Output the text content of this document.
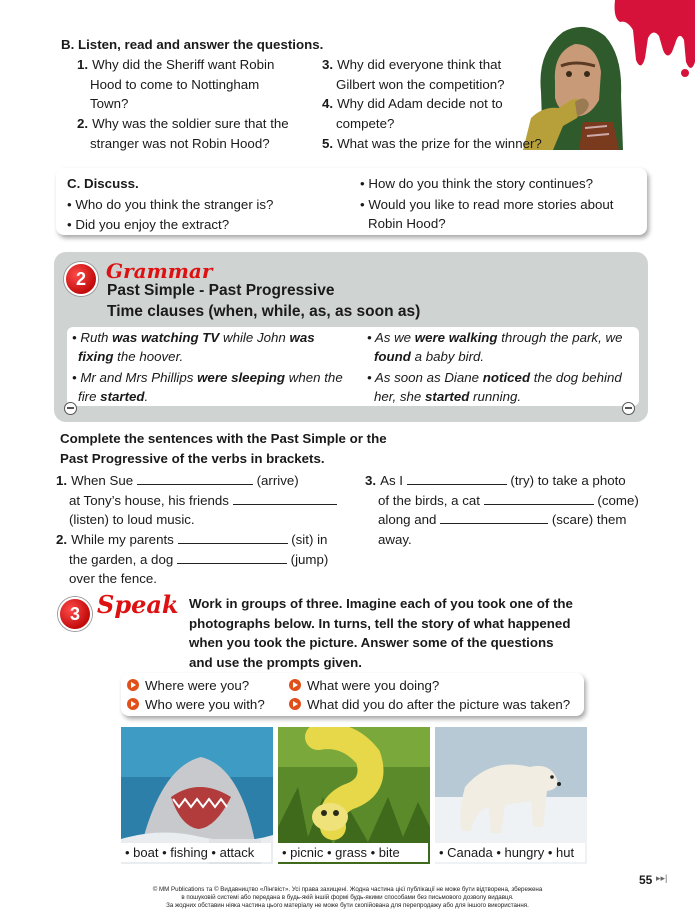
B. Listen, read and answer the questions.
1. Why did the Sheriff want Robin
Hood to come to Nottingham
Town?
2. Why was the soldier sure that the
stranger was not Robin Hood?
3. Why did everyone think that
Gilbert won the competition?
4. Why did Adam decide not to
compete?
5. What was the prize for the winner?
C. Discuss.
• Who do you think the stranger is?
• Did you enjoy the extract?
• How do you think the story continues?
• Would you like to read more stories about
Robin Hood?
2	Grammar
Past Simple - Past Progressive
Time clauses (when, while, as, as soon as)
• Ruth was watching TV while John was
fixing the hoover.
• Mr and Mrs Phillips were sleeping when the
fire started.
• As we were walking through the park, we
found a baby bird.
• As soon as Diane noticed the dog behind
her, she started running.
Complete the sentences with the Past Simple or the
Past Progressive of the verbs in brackets.
1. When Sue	(arrive)
at Tony’s house, his friends
(listen) to loud music.
2. While my parents	(sit) in
the garden, a dog	(jump)
over the fence.
3. As I	(try) to take a photo
of the birds, a cat	(come)
along and	(scare) them
away.
3 Speak Work in groups of three. Imagine each of you took one of the
photographs below. In turns, tell the story of what happened
when you took the picture. Answer some of the questions
and use the prompts given.
Where were you?	What were you doing?
Who were you with?	What did you do after the picture was taken?
• boat • fishing • attack	• picnic • grass • bite	• Canada • hungry • hut
55 ▸▸|
© MM Publications та © Видавництво «Лінгвіст». Усі права захищені. Жодна частина цієї публікації не може бути відтворена, збережена
в пошуковій системі або передана в будь-якій іншій формі будь-якими способами без письмового дозволу видавця.
За жодних обставин ніяка частина цього матеріалу не може бути скопійована для перепродажу або для іншого використання.
